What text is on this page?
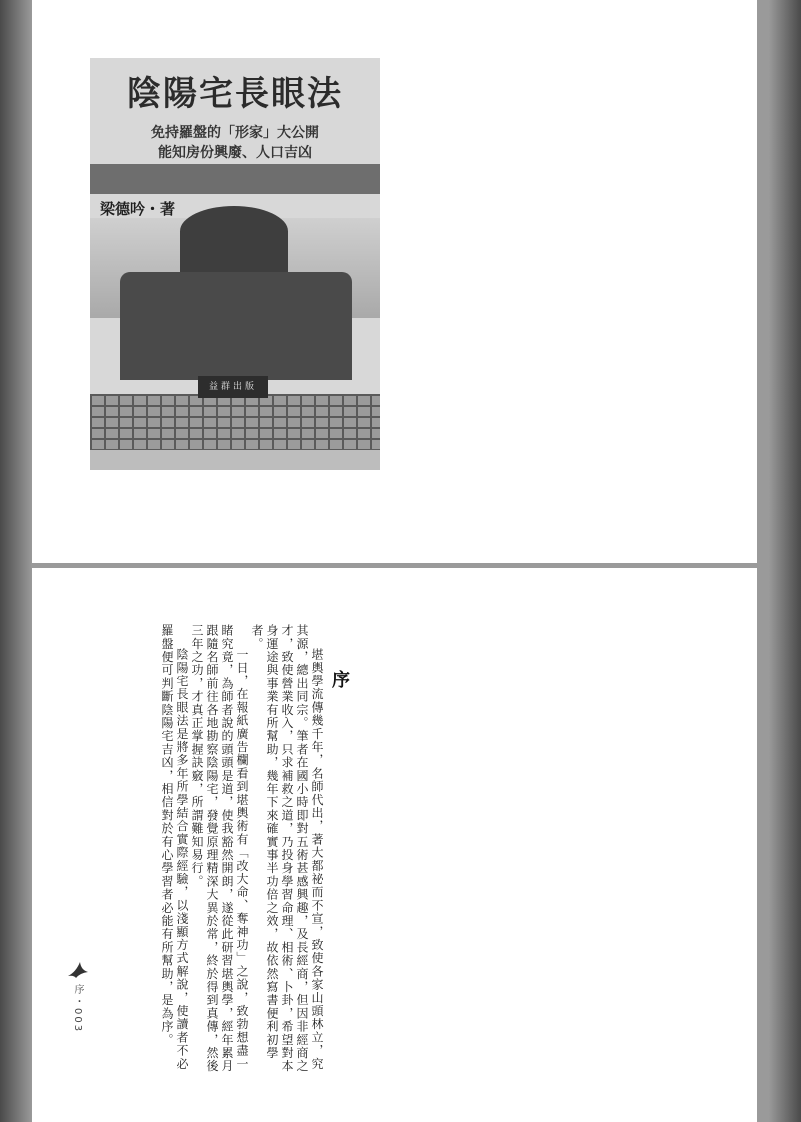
益群出版
陰陽宅長眼法
免持羅盤的「形家」大公開
能知房份興廢、人口吉凶
梁德吟・著
序

堪輿學流傳幾千年，名師代出，著大都祕而不宣，致使各家山頭林立，究其源，總出同宗。筆者在國小時即對五術甚感興趣，及長經商，但因非經商之才，致使營業收入，只求補救之道，乃投身學習命理、相術、卜卦，希望對本身運途與事業有所幫助，幾年下來確實事半功倍之效，故依然寫書便利初學者。

一日，在報紙廣告欄看到堪輿術有「改大命、奪神功」之說，致勃想盡一睹究竟，為師者說的頭頭是道，使我豁然開朗，遂從此研習堪輿學，經年累月跟隨名師前往各地勘察陰陽宅，發覺原理精深大異於常，終於得到真傳，然後三年之功，才真正掌握訣竅，所謂難知易行。

陰陽宅長眼法是將多年所學結合實際經驗，以淺顯方式解說，使讀者不必羅盤便可判斷陰陽宅吉凶，相信對於有心學習者必能有所幫助，是為序。

序・003
